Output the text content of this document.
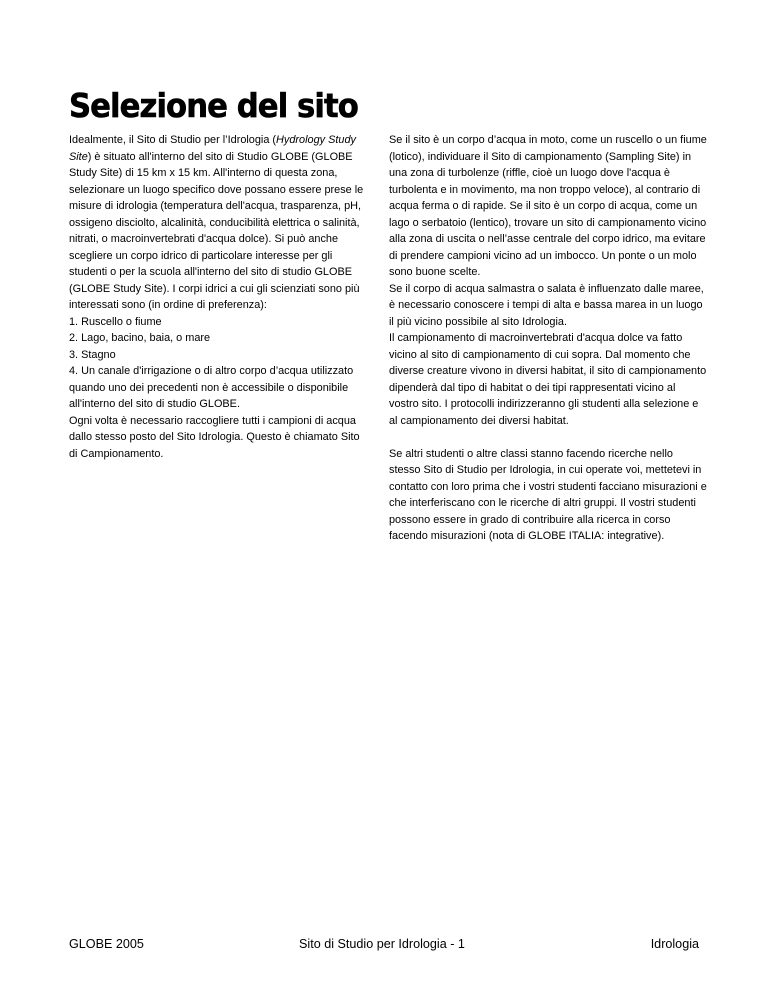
Selezione del sito

Idealmente, il Sito di Studio per l’Idrologia (Hydrology Study Site) è situato all'interno del sito di Studio GLOBE (GLOBE Study Site) di 15 km x 15 km. All'interno di questa zona, selezionare un luogo specifico dove possano essere prese le misure di idrologia (temperatura dell'acqua, trasparenza, pH, ossigeno disciolto, alcalinità, conducibilità elettrica o salinità, nitrati, o macroinvertebrati d'acqua dolce). Si può anche scegliere un corpo idrico di particolare interesse per gli studenti o per la scuola all'interno del sito di studio GLOBE (GLOBE Study Site). I corpi idrici a cui gli scienziati sono più interessati sono (in ordine di preferenza):

1. Ruscello o fiume

2. Lago, bacino, baia, o mare

3. Stagno

4. Un canale d'irrigazione o di altro corpo d’acqua utilizzato quando uno dei precedenti non è accessibile o disponibile all'interno del sito di studio GLOBE.

Ogni volta è necessario raccogliere tutti i campioni di acqua dallo stesso posto del Sito Idrologia. Questo è chiamato Sito di Campionamento.

Se il sito è un corpo d’acqua in moto, come un ruscello o un fiume (lotico), individuare il Sito di campionamento (Sampling Site) in una zona di turbolenze (riffle, cioè un luogo dove l'acqua è turbolenta e in movimento, ma non troppo veloce), al contrario di acqua ferma o di rapide. Se il sito è un corpo di acqua, come un lago o serbatoio (lentico), trovare un sito di campionamento vicino alla zona di uscita o nell’asse centrale del corpo idrico, ma evitare di prendere campioni vicino ad un imbocco. Un ponte o un molo sono buone scelte.

Se il corpo di acqua salmastra o salata è influenzato dalle maree, è necessario conoscere i tempi di alta e bassa marea in un luogo il più vicino possibile al sito Idrologia.

Il campionamento di macroinvertebrati d'acqua dolce va fatto vicino al sito di campionamento di cui sopra. Dal momento che diverse creature vivono in diversi habitat, il sito di campionamento dipenderà dal tipo di habitat o dei tipi rappresentati vicino al vostro sito. I protocolli indirizzeranno gli studenti alla selezione e al campionamento dei diversi habitat.

Se altri studenti o altre classi stanno facendo ricerche nello stesso Sito di Studio per Idrologia, in cui operate voi, mettetevi in contatto con loro prima che i vostri studenti facciano misurazioni e che interferiscano con le ricerche di altri gruppi. Il vostri studenti possono essere in grado di contribuire alla ricerca in corso facendo misurazioni (nota di GLOBE ITALIA: integrative).

GLOBE 2005	Sito di Studio per Idrologia - 1	Idrologia
